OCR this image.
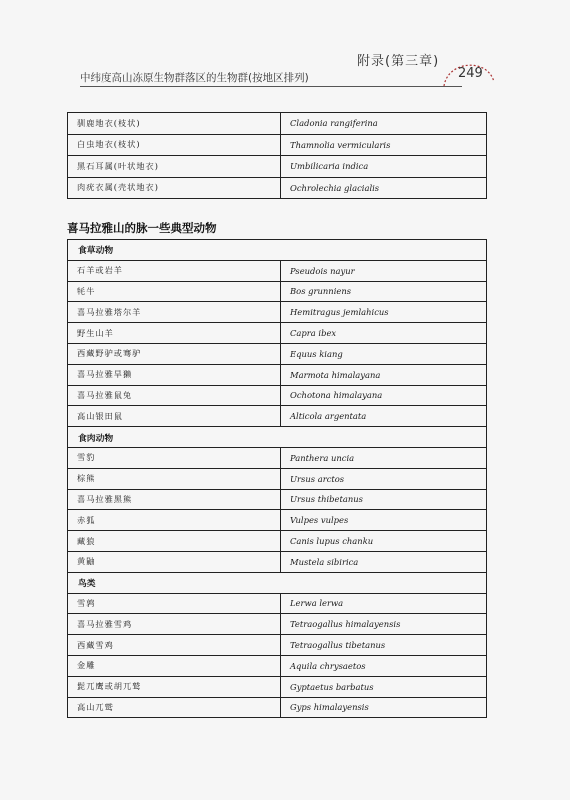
附录(第三章)
中纬度高山冻原生物群落区的生物群(按地区排列)	249
驯鹿地衣(枝状)	Cladonia rangiferina
白虫地衣(枝状)	Thamnolia vermicularis
黑石耳属(叶状地衣)	Umbilicaria indica
肉疣衣属(壳状地衣)	Ochrolechia glacialis
喜马拉雅山的脉一些典型动物
食草动物	
石羊或岩羊	Pseudois nayur
牦牛	Bos grunniens
喜马拉雅塔尔羊	Hemitragus jemlahicus
野生山羊	Capra ibex
西藏野驴或骞驴	Equus kiang
喜马拉雅旱獭	Marmota himalayana
喜马拉雅鼠兔	Ochotona himalayana
高山银田鼠	Alticola argentata
食肉动物	
雪豹	Panthera uncia
棕熊	Ursus arctos
喜马拉雅黑熊	Ursus thibetanus
赤狐	Vulpes vulpes
藏狼	Canis lupus chanku
黄鼬	Mustela sibirica
鸟类	
雪鹑	Lerwa lerwa
喜马拉雅雪鸡	Tetraogallus himalayensis
西藏雪鸡	Tetraogallus tibetanus
金雕	Aquila chrysaetos
髭兀鹰或胡兀鹫	Gyptaetus barbatus
高山兀鹫	Gyps himalayensis
